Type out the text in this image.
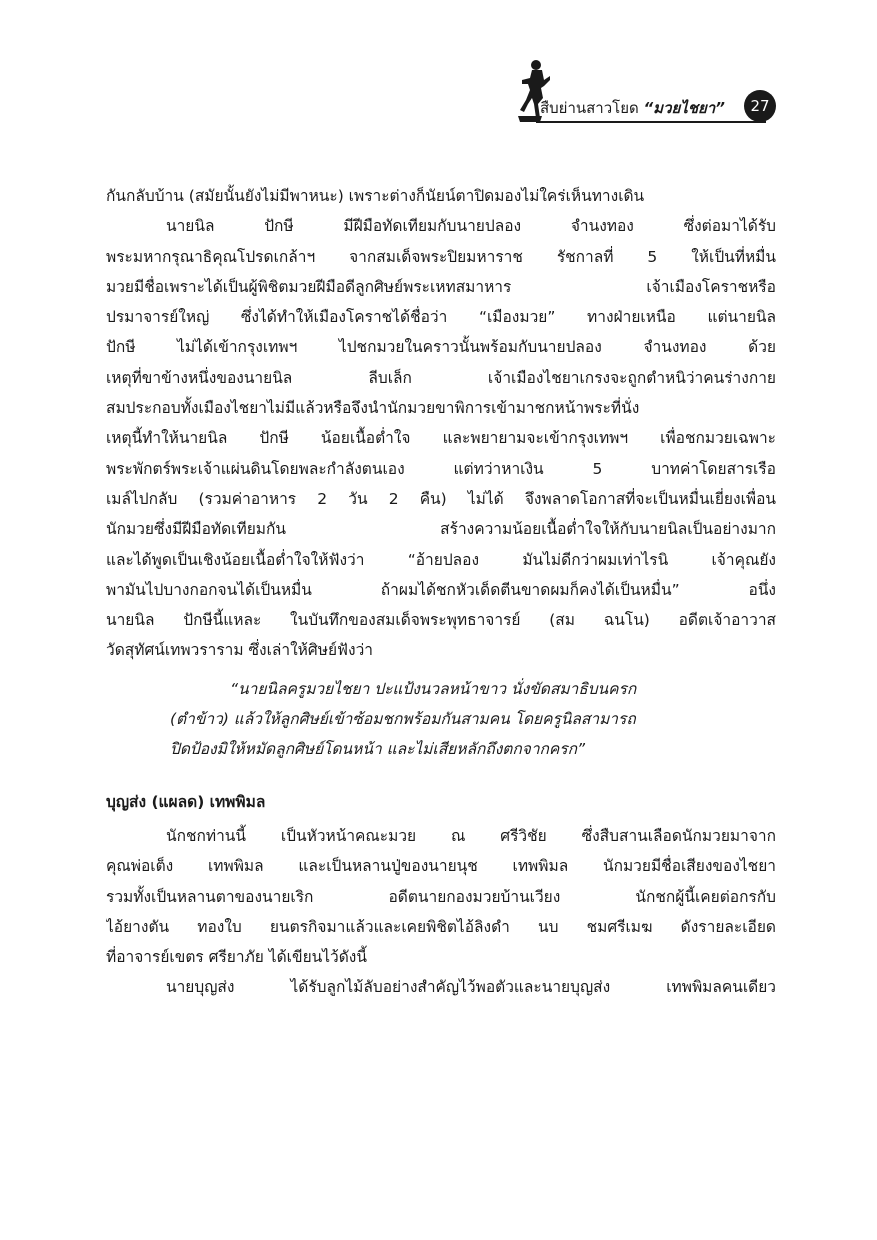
สืบย่านสาวโยด “มวยไชยา”	27
กันกลับบ้าน (สมัยนั้นยังไม่มีพาหนะ) เพราะต่างก็นัยน์ตาปิดมองไม่ใคร่เห็นทางเดิน
นายนิล ปักษี มีฝีมือทัดเทียมกับนายปลอง จำนงทอง ซึ่งต่อมาได้รับ
พระมหากรุณาธิคุณโปรดเกล้าฯ จากสมเด็จพระปิยมหาราช รัชกาลที่ 5 ให้เป็นที่หมื่น
มวยมีชื่อเพราะได้เป็นผู้พิชิตมวยฝีมือดีลูกศิษย์พระเหทสมาหาร เจ้าเมืองโคราชหรือ
ปรมาจารย์ใหญ่ ซึ่งได้ทำให้เมืองโคราชได้ชื่อว่า “เมืองมวย” ทางฝ่ายเหนือ แต่นายนิล
ปักษี ไม่ได้เข้ากรุงเทพฯ ไปชกมวยในคราวนั้นพร้อมกับนายปลอง จำนงทอง ด้วย
เหตุที่ขาข้างหนึ่งของนายนิล ลีบเล็ก เจ้าเมืองไชยาเกรงจะถูกตำหนิว่าคนร่างกาย
สมประกอบทั้งเมืองไชยาไม่มีแล้วหรือจึงนำนักมวยขาพิการเข้ามาชกหน้าพระที่นั่ง
เหตุนี้ทำให้นายนิล ปักษี น้อยเนื้อต่ำใจ และพยายามจะเข้ากรุงเทพฯ เพื่อชกมวยเฉพาะ
พระพักตร์พระเจ้าแผ่นดินโดยพละกำลังตนเอง แต่ทว่าหาเงิน 5 บาทค่าโดยสารเรือ
เมล์ไปกลับ (รวมค่าอาหาร 2 วัน 2 คืน) ไม่ได้ จึงพลาดโอกาสที่จะเป็นหมื่นเยี่ยงเพื่อน
นักมวยซึ่งมีฝีมือทัดเทียมกัน สร้างความน้อยเนื้อต่ำใจให้กับนายนิลเป็นอย่างมาก
และได้พูดเป็นเชิงน้อยเนื้อต่ำใจให้ฟังว่า “อ้ายปลอง มันไม่ดีกว่าผมเท่าไรนิ เจ้าคุณยัง
พามันไปบางกอกจนได้เป็นหมื่น ถ้าผมได้ชกหัวเด็ดตีนขาดผมก็คงได้เป็นหมื่น” อนึ่ง
นายนิล ปักษีนี้แหละ ในบันทึกของสมเด็จพระพุทธาจารย์ (สม ฉนโน) อดีตเจ้าอาวาส
วัดสุทัศน์เทพวราราม ซึ่งเล่าให้ศิษย์ฟังว่า
“นายนิลครูมวยไชยา ปะแป้งนวลหน้าขาว นั่งขัดสมาธิบนครก
(ตำข้าว) แล้วให้ลูกศิษย์เข้าซ้อมชกพร้อมกันสามคน โดยครูนิลสามารถ
ปิดป้องมิให้หมัดลูกศิษย์โดนหน้า และไม่เสียหลักถึงตกจากครก”
บุญส่ง (แผลด) เทพพิมล
นักชกท่านนี้ เป็นหัวหน้าคณะมวย ณ ศรีวิชัย ซึ่งสืบสานเลือดนักมวยมาจาก
คุณพ่อเต็ง เทพพิมล และเป็นหลานปู่ของนายนุช เทพพิมล นักมวยมีชื่อเสียงของไชยา
รวมทั้งเป็นหลานตาของนายเริก อดีตนายกองมวยบ้านเวียง นักชกผู้นี้เคยต่อกรกับ
ไอ้ยางตัน ทองใบ ยนตรกิจมาแล้วและเคยพิชิตไอ้ลิงดำ นบ ชมศรีเมฆ ดังรายละเอียด
ที่อาจารย์เขตร ศรียาภัย ได้เขียนไว้ดังนี้
นายบุญส่ง ได้รับลูกไม้ลับอย่างสำคัญไว้พอตัวและนายบุญส่ง เทพพิมลคนเดียว
